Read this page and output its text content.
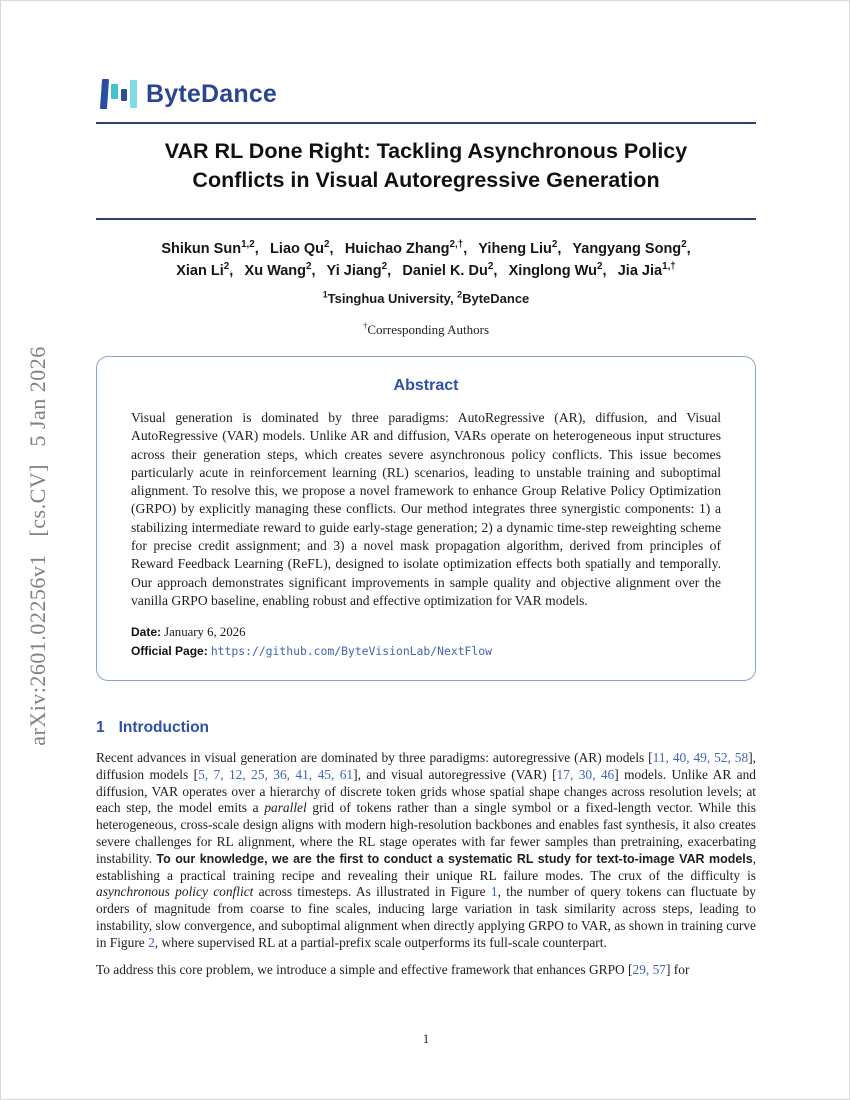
ByteDance
VAR RL Done Right: Tackling Asynchronous Policy
Conflicts in Visual Autoregressive Generation
Shikun Sun$^{1,2}$,  Liao Qu$^2$,  Huichao Zhang$^{2,\dagger}$,  Yiheng Liu$^2$,  Yangyang Song$^2$,
Xian Li$^2$,  Xu Wang$^2$,  Yi Jiang$^2$,  Daniel K. Du$^2$,  Xinglong Wu$^2$,  Jia Jia$^{1,\dagger}$
$^1$Tsinghua University, $^2$ByteDance
†Corresponding Authors
Abstract
Visual generation is dominated by three paradigms: AutoRegressive (AR), diffusion, and Visual AutoRegressive (VAR) models. Unlike AR and diffusion, VARs operate on heterogeneous input structures across their generation steps, which creates severe asynchronous policy conflicts. This issue becomes particularly acute in reinforcement learning (RL) scenarios, leading to unstable training and suboptimal alignment. To resolve this, we propose a novel framework to enhance Group Relative Policy Optimization (GRPO) by explicitly managing these conflicts. Our method integrates three synergistic components: 1) a stabilizing intermediate reward to guide early-stage generation; 2) a dynamic time-step reweighting scheme for precise credit assignment; and 3) a novel mask propagation algorithm, derived from principles of Reward Feedback Learning (ReFL), designed to isolate optimization effects both spatially and temporally. Our approach demonstrates significant improvements in sample quality and objective alignment over the vanilla GRPO baseline, enabling robust and effective optimization for VAR models.
Date: January 6, 2026
Official Page: https://github.com/ByteVisionLab/NextFlow
1 Introduction
Recent advances in visual generation are dominated by three paradigms: autoregressive (AR) models [11, 40, 49, 52, 58], diffusion models [5, 7, 12, 25, 36, 41, 45, 61], and visual autoregressive (VAR) [17, 30, 46] models. Unlike AR and diffusion, VAR operates over a hierarchy of discrete token grids whose spatial shape changes across resolution levels; at each step, the model emits a parallel grid of tokens rather than a single symbol or a fixed-length vector. While this heterogeneous, cross-scale design aligns with modern high-resolution backbones and enables fast synthesis, it also creates severe challenges for RL alignment, where the RL stage operates with far fewer samples than pretraining, exacerbating instability. To our knowledge, we are the first to conduct a systematic RL study for text-to-image VAR models, establishing a practical training recipe and revealing their unique RL failure modes. The crux of the difficulty is asynchronous policy conflict across timesteps. As illustrated in Figure 1, the number of query tokens can fluctuate by orders of magnitude from coarse to fine scales, inducing large variation in task similarity across steps, leading to instability, slow convergence, and suboptimal alignment when directly applying GRPO to VAR, as shown in training curve in Figure 2, where supervised RL at a partial-prefix scale outperforms its full-scale counterpart.
To address this core problem, we introduce a simple and effective framework that enhances GRPO [29, 57] for
arXiv:2601.02256v1  [cs.CV]  5 Jan 2026
1
